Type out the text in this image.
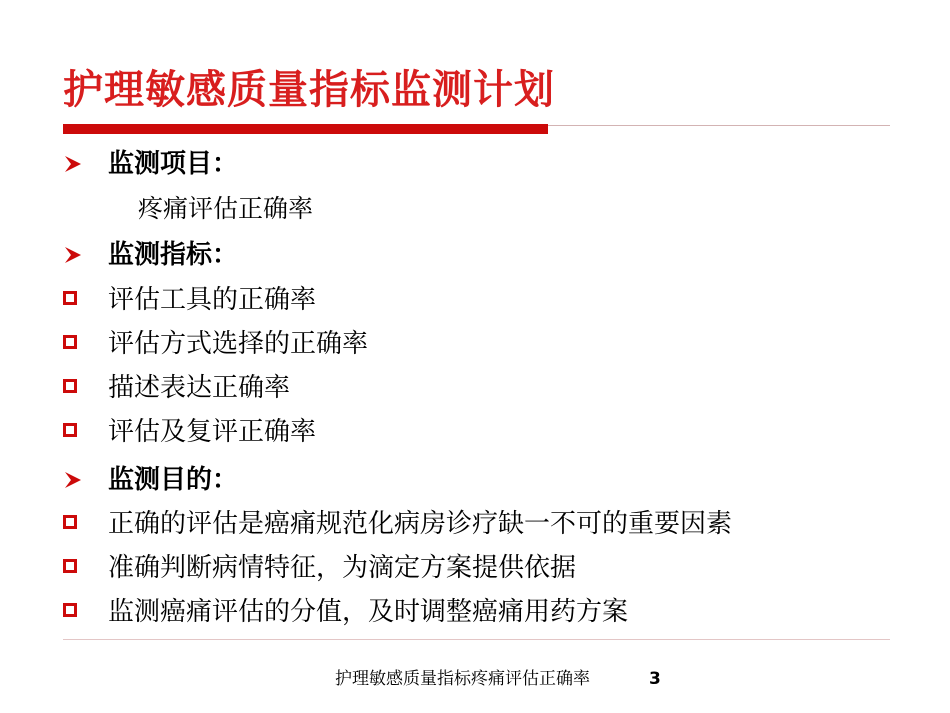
护理敏感质量指标监测计划
监测项目：
疼痛评估正确率
监测指标：
评估工具的正确率
评估方式选择的正确率
描述表达正确率
评估及复评正确率
监测目的：
正确的评估是癌痛规范化病房诊疗缺一不可的重要因素
准确判断病情特征，为滴定方案提供依据
监测癌痛评估的分值，及时调整癌痛用药方案
护理敏感质量指标疼痛评估正确率	3
